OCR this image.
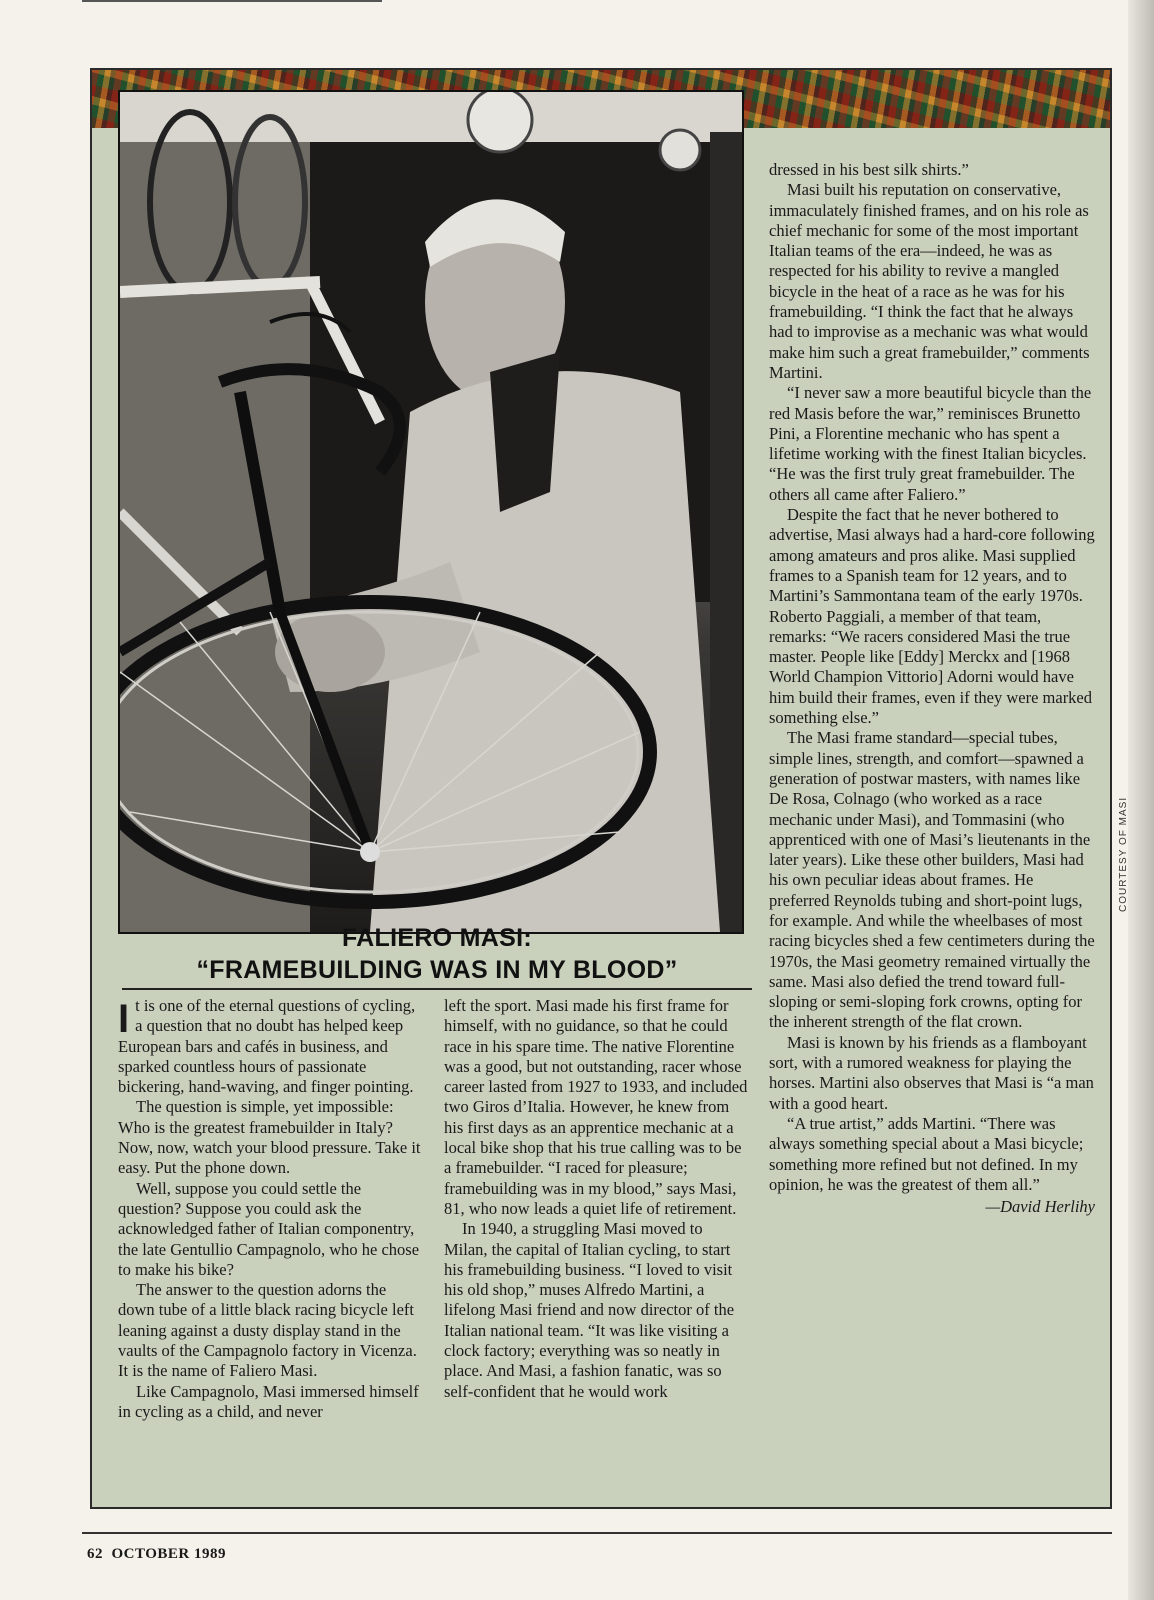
FALIERO MASI:
“FRAMEBUILDING WAS IN MY BLOOD”

It is one of the eternal questions of cycling, a question that no doubt has helped keep European bars and cafés in business, and sparked countless hours of passionate bickering, hand-waving, and finger pointing.

The question is simple, yet impossible: Who is the greatest framebuilder in Italy? Now, now, watch your blood pressure. Take it easy. Put the phone down.

Well, suppose you could settle the question? Suppose you could ask the acknowledged father of Italian componentry, the late Gentullio Campagnolo, who he chose to make his bike?

The answer to the question adorns the down tube of a little black racing bicycle left leaning against a dusty display stand in the vaults of the Campagnolo factory in Vicenza. It is the name of Faliero Masi.

Like Campagnolo, Masi immersed himself in cycling as a child, and never

left the sport. Masi made his first frame for himself, with no guidance, so that he could race in his spare time. The native Florentine was a good, but not outstanding, racer whose career lasted from 1927 to 1933, and included two Giros d’Italia. However, he knew from his first days as an apprentice mechanic at a local bike shop that his true calling was to be a framebuilder. “I raced for pleasure; framebuilding was in my blood,” says Masi, 81, who now leads a quiet life of retirement.

In 1940, a struggling Masi moved to Milan, the capital of Italian cycling, to start his framebuilding business. “I loved to visit his old shop,” muses Alfredo Martini, a lifelong Masi friend and now director of the Italian national team. “It was like visiting a clock factory; everything was so neatly in place. And Masi, a fashion fanatic, was so self-confident that he would work

dressed in his best silk shirts.”

Masi built his reputation on conservative, immaculately finished frames, and on his role as chief mechanic for some of the most important Italian teams of the era—indeed, he was as respected for his ability to revive a mangled bicycle in the heat of a race as he was for his framebuilding. “I think the fact that he always had to improvise as a mechanic was what would make him such a great framebuilder,” comments Martini.

“I never saw a more beautiful bicycle than the red Masis before the war,” reminisces Brunetto Pini, a Florentine mechanic who has spent a lifetime working with the finest Italian bicycles. “He was the first truly great framebuilder. The others all came after Faliero.”

Despite the fact that he never bothered to advertise, Masi always had a hard-core following among amateurs and pros alike. Masi supplied frames to a Spanish team for 12 years, and to Martini’s Sammontana team of the early 1970s. Roberto Paggiali, a member of that team, remarks: “We racers considered Masi the true master. People like [Eddy] Merckx and [1968 World Champion Vittorio] Adorni would have him build their frames, even if they were marked something else.”

The Masi frame standard—special tubes, simple lines, strength, and comfort—spawned a generation of postwar masters, with names like De Rosa, Colnago (who worked as a race mechanic under Masi), and Tommasini (who apprenticed with one of Masi’s lieutenants in the later years). Like these other builders, Masi had his own peculiar ideas about frames. He preferred Reynolds tubing and short-point lugs, for example. And while the wheelbases of most racing bicycles shed a few centimeters during the 1970s, the Masi geometry remained virtually the same. Masi also defied the trend toward full-sloping or semi-sloping fork crowns, opting for the inherent strength of the flat crown.

Masi is known by his friends as a flamboyant sort, with a rumored weakness for playing the horses. Martini also observes that Masi is “a man with a good heart.

“A true artist,” adds Martini. “There was always something special about a Masi bicycle; something more refined but not defined. In my opinion, he was the greatest of them all.”

—David Herlihy
COURTESY OF MASI
62 OCTOBER 1989
